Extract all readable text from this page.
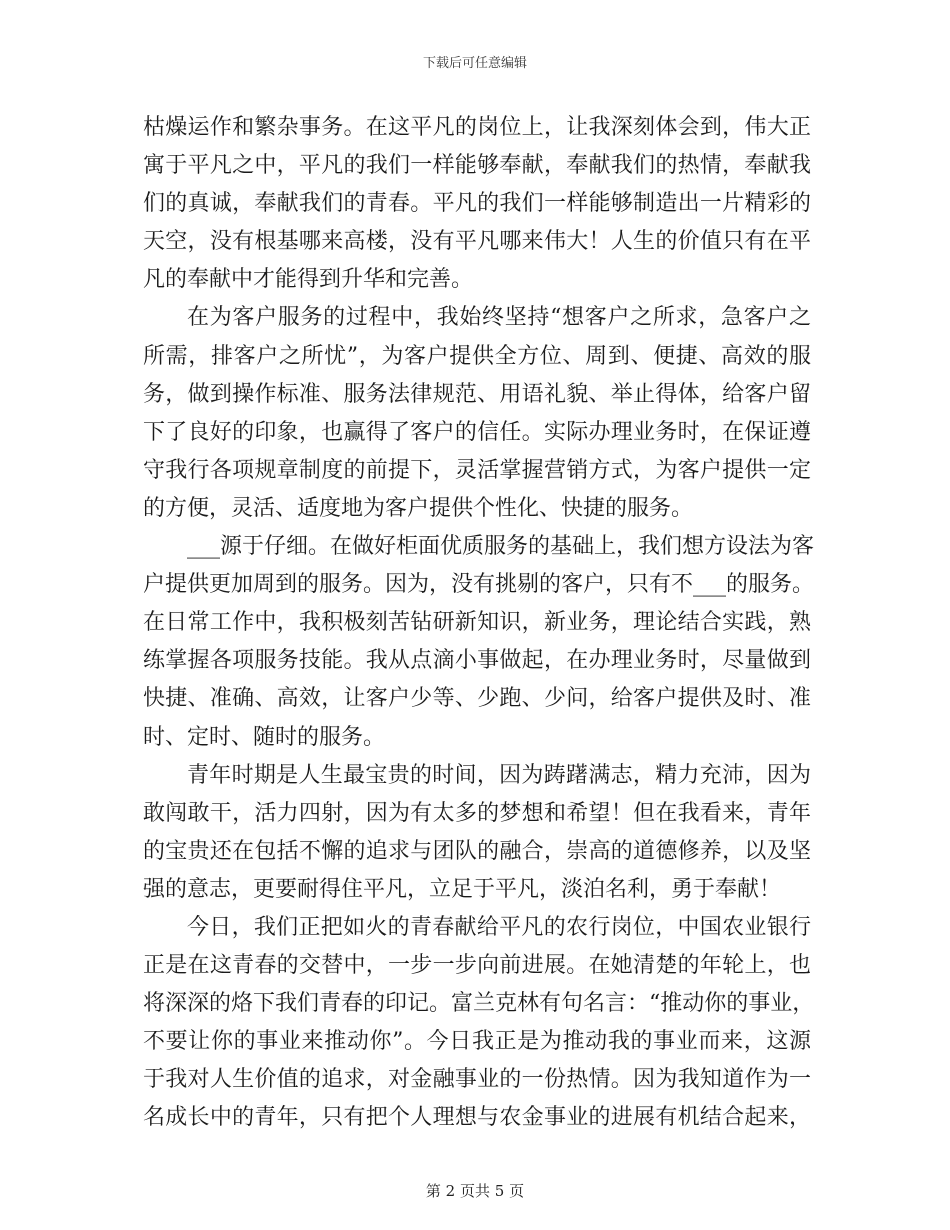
下载后可任意编辑
枯燥运作和繁杂事务。在这平凡的岗位上，让我深刻体会到，伟大正
寓于平凡之中，平凡的我们一样能够奉献，奉献我们的热情，奉献我
们的真诚，奉献我们的青春。平凡的我们一样能够制造出一片精彩的
天空，没有根基哪来高楼，没有平凡哪来伟大！人生的价值只有在平
凡的奉献中才能得到升华和完善。
在为客户服务的过程中，我始终坚持“想客户之所求，急客户之
所需，排客户之所忧”，为客户提供全方位、周到、便捷、高效的服
务，做到操作标准、服务法律规范、用语礼貌、举止得体，给客户留
下了良好的印象，也赢得了客户的信任。实际办理业务时，在保证遵
守我行各项规章制度的前提下，灵活掌握营销方式，为客户提供一定
的方便，灵活、适度地为客户提供个性化、快捷的服务。
___源于仔细。在做好柜面优质服务的基础上，我们想方设法为客
户提供更加周到的服务。因为，没有挑剔的客户，只有不___的服务。
在日常工作中，我积极刻苦钻研新知识，新业务，理论结合实践，熟
练掌握各项服务技能。我从点滴小事做起，在办理业务时，尽量做到
快捷、准确、高效，让客户少等、少跑、少问，给客户提供及时、准
时、定时、随时的服务。
青年时期是人生最宝贵的时间，因为踌躇满志，精力充沛，因为
敢闯敢干，活力四射，因为有太多的梦想和希望！但在我看来，青年
的宝贵还在包括不懈的追求与团队的融合，崇高的道德修养，以及坚
强的意志，更要耐得住平凡，立足于平凡，淡泊名利，勇于奉献！
今日，我们正把如火的青春献给平凡的农行岗位，中国农业银行
正是在这青春的交替中，一步一步向前进展。在她清楚的年轮上，也
将深深的烙下我们青春的印记。富兰克林有句名言：“推动你的事业，
不要让你的事业来推动你”。今日我正是为推动我的事业而来，这源
于我对人生价值的追求，对金融事业的一份热情。因为我知道作为一
名成长中的青年，只有把个人理想与农金事业的进展有机结合起来，
第 2 页共 5 页
